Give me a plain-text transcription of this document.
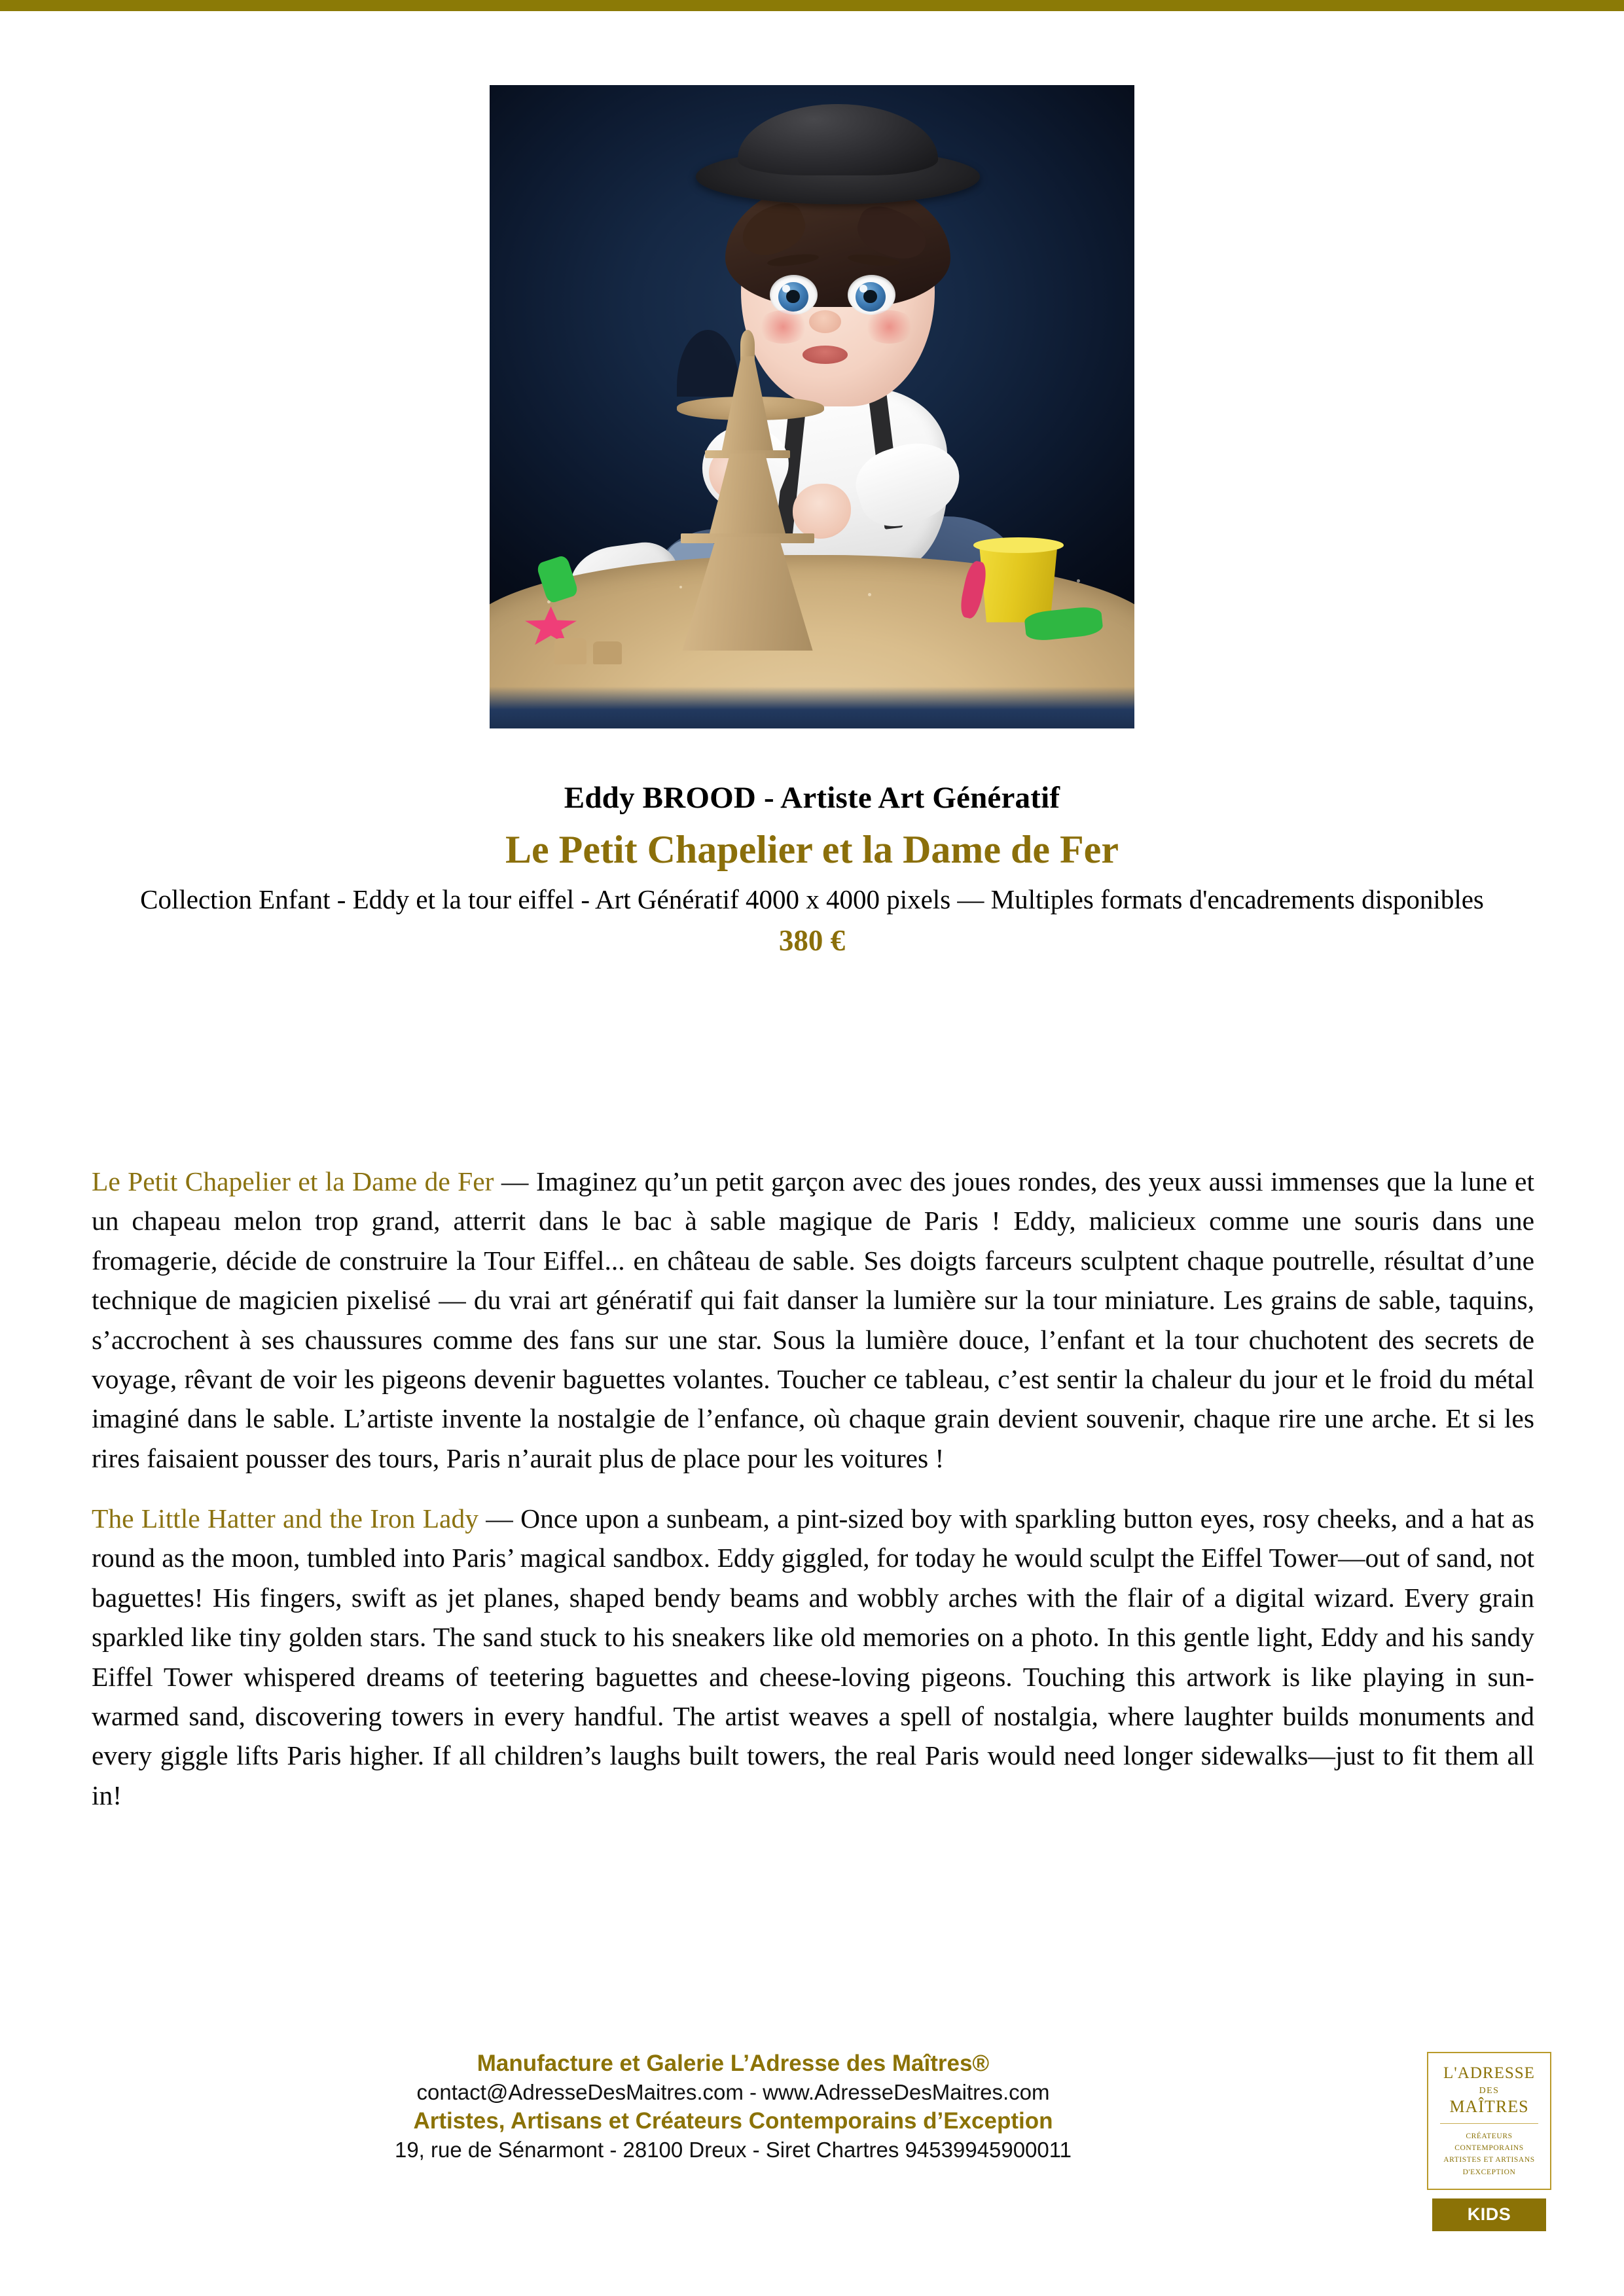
Eddy BROOD - Artiste Art Génératif
Le Petit Chapelier et la Dame de Fer
Collection Enfant - Eddy et la tour eiffel - Art Génératif 4000 x 4000 pixels — Multiples formats d'encadrements disponibles
380 €

Le Petit Chapelier et la Dame de Fer — Imaginez qu’un petit garçon avec des joues rondes, des yeux aussi immenses que la lune et un chapeau melon trop grand, atterrit dans le bac à sable magique de Paris ! Eddy, malicieux comme une souris dans une fromagerie, décide de construire la Tour Eiffel... en château de sable. Ses doigts farceurs sculptent chaque poutrelle, résultat d’une technique de magicien pixelisé — du vrai art génératif qui fait danser la lumière sur la tour miniature. Les grains de sable, taquins, s’accrochent à ses chaussures comme des fans sur une star. Sous la lumière douce, l’enfant et la tour chuchotent des secrets de voyage, rêvant de voir les pigeons devenir baguettes volantes. Toucher ce tableau, c’est sentir la chaleur du jour et le froid du métal imaginé dans le sable. L’artiste invente la nostalgie de l’enfance, où chaque grain devient souvenir, chaque rire une arche. Et si les rires faisaient pousser des tours, Paris n’aurait plus de place pour les voitures !

The Little Hatter and the Iron Lady — Once upon a sunbeam, a pint-sized boy with sparkling button eyes, rosy cheeks, and a hat as round as the moon, tumbled into Paris’ magical sandbox. Eddy giggled, for today he would sculpt the Eiffel Tower—out of sand, not baguettes! His fingers, swift as jet planes, shaped bendy beams and wobbly arches with the flair of a digital wizard. Every grain sparkled like tiny golden stars. The sand stuck to his sneakers like old memories on a photo. In this gentle light, Eddy and his sandy Eiffel Tower whispered dreams of teetering baguettes and cheese-loving pigeons. Touching this artwork is like playing in sun-warmed sand, discovering towers in every handful. The artist weaves a spell of nostalgia, where laughter builds monuments and every giggle lifts Paris higher. If all children’s laughs built towers, the real Paris would need longer sidewalks—just to fit them all in!

Manufacture et Galerie L’Adresse des Maîtres®
contact@AdresseDesMaitres.com - www.AdresseDesMaitres.com
Artistes, Artisans et Créateurs Contemporains d’Exception
19, rue de Sénarmont - 28100 Dreux - Siret Chartres 94539945900011
L'ADRESSE
DES
MAÎTRES
CRÉATEURS CONTEMPORAINS
ARTISTES ET ARTISANS
D'EXCEPTION
KIDS
